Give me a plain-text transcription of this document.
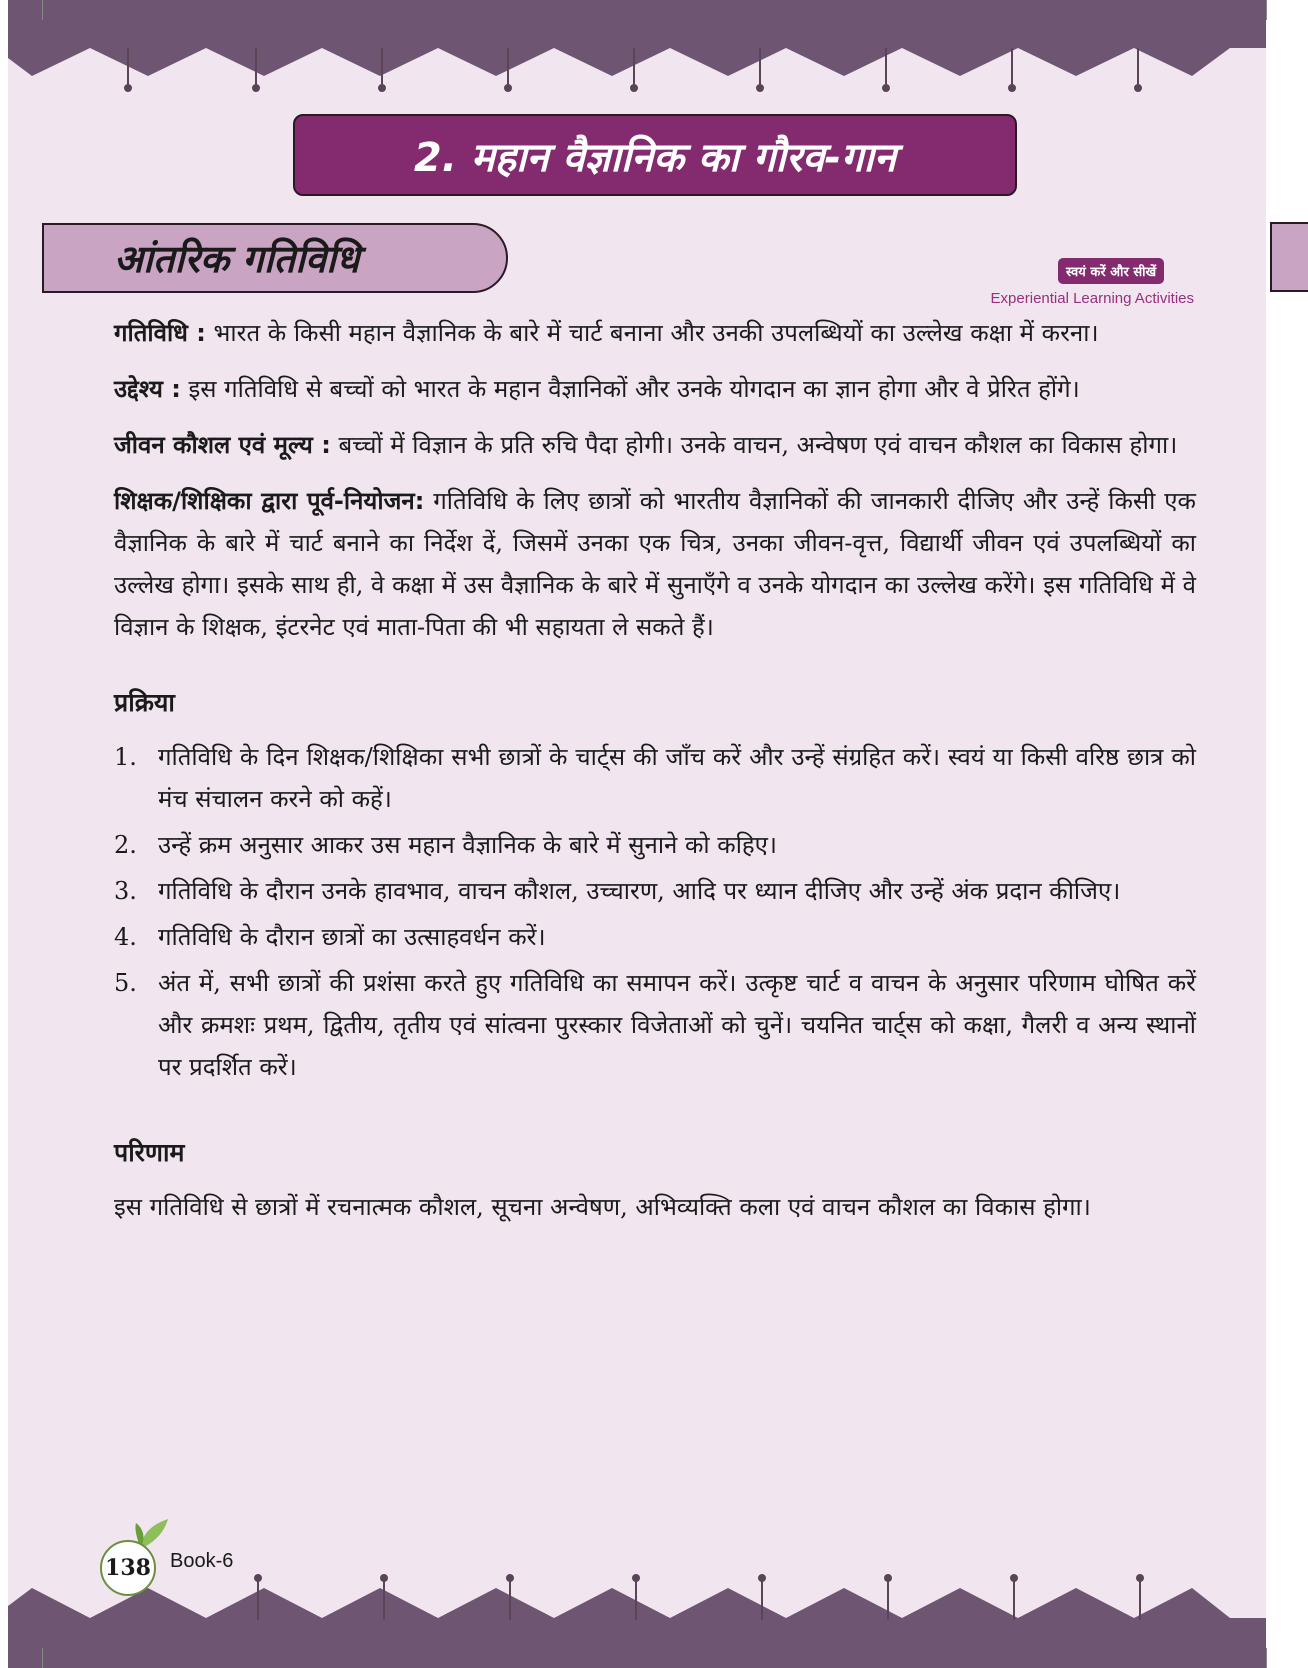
2. महान वैज्ञानिक का गौरव-गान
आंतरिक गतिविधि	स्वयं करें और सीखें
Experiential Learning Activities

गतिविधि : भारत के किसी महान वैज्ञानिक के बारे में चार्ट बनाना और उनकी उपलब्धियों का उल्लेख कक्षा में करना।

उद्देश्य : इस गतिविधि से बच्चों को भारत के महान वैज्ञानिकों और उनके योगदान का ज्ञान होगा और वे प्रेरित होंगे।

जीवन कौशल एवं मूल्य : बच्चों में विज्ञान के प्रति रुचि पैदा होगी। उनके वाचन, अन्वेषण एवं वाचन कौशल का विकास होगा।

शिक्षक/शिक्षिका द्वारा पूर्व-नियोजन: गतिविधि के लिए छात्रों को भारतीय वैज्ञानिकों की जानकारी दीजिए और उन्हें किसी एक वैज्ञानिक के बारे में चार्ट बनाने का निर्देश दें, जिसमें उनका एक चित्र, उनका जीवन-वृत्त, विद्यार्थी जीवन एवं उपलब्धियों का उल्लेख होगा। इसके साथ ही, वे कक्षा में उस वैज्ञानिक के बारे में सुनाएँगे व उनके योगदान का उल्लेख करेंगे। इस गतिविधि में वे विज्ञान के शिक्षक, इंटरनेट एवं माता-पिता की भी सहायता ले सकते हैं।

प्रक्रिया
1. गतिविधि के दिन शिक्षक/शिक्षिका सभी छात्रों के चार्ट्स की जाँच करें और उन्हें संग्रहित करें। स्वयं या किसी वरिष्ठ छात्र को मंच संचालन करने को कहें।
2. उन्हें क्रम अनुसार आकर उस महान वैज्ञानिक के बारे में सुनाने को कहिए।
3. गतिविधि के दौरान उनके हावभाव, वाचन कौशल, उच्चारण, आदि पर ध्यान दीजिए और उन्हें अंक प्रदान कीजिए।
4. गतिविधि के दौरान छात्रों का उत्साहवर्धन करें।
5. अंत में, सभी छात्रों की प्रशंसा करते हुए गतिविधि का समापन करें। उत्कृष्ट चार्ट व वाचन के अनुसार परिणाम घोषित करें और क्रमशः प्रथम, द्वितीय, तृतीय एवं सांत्वना पुरस्कार विजेताओं को चुनें। चयनित चार्ट्स को कक्षा, गैलरी व अन्य स्थानों पर प्रदर्शित करें।
परिणाम

इस गतिविधि से छात्रों में रचनात्मक कौशल, सूचना अन्वेषण, अभिव्यक्ति कला एवं वाचन कौशल का विकास होगा।

138 Book-6
